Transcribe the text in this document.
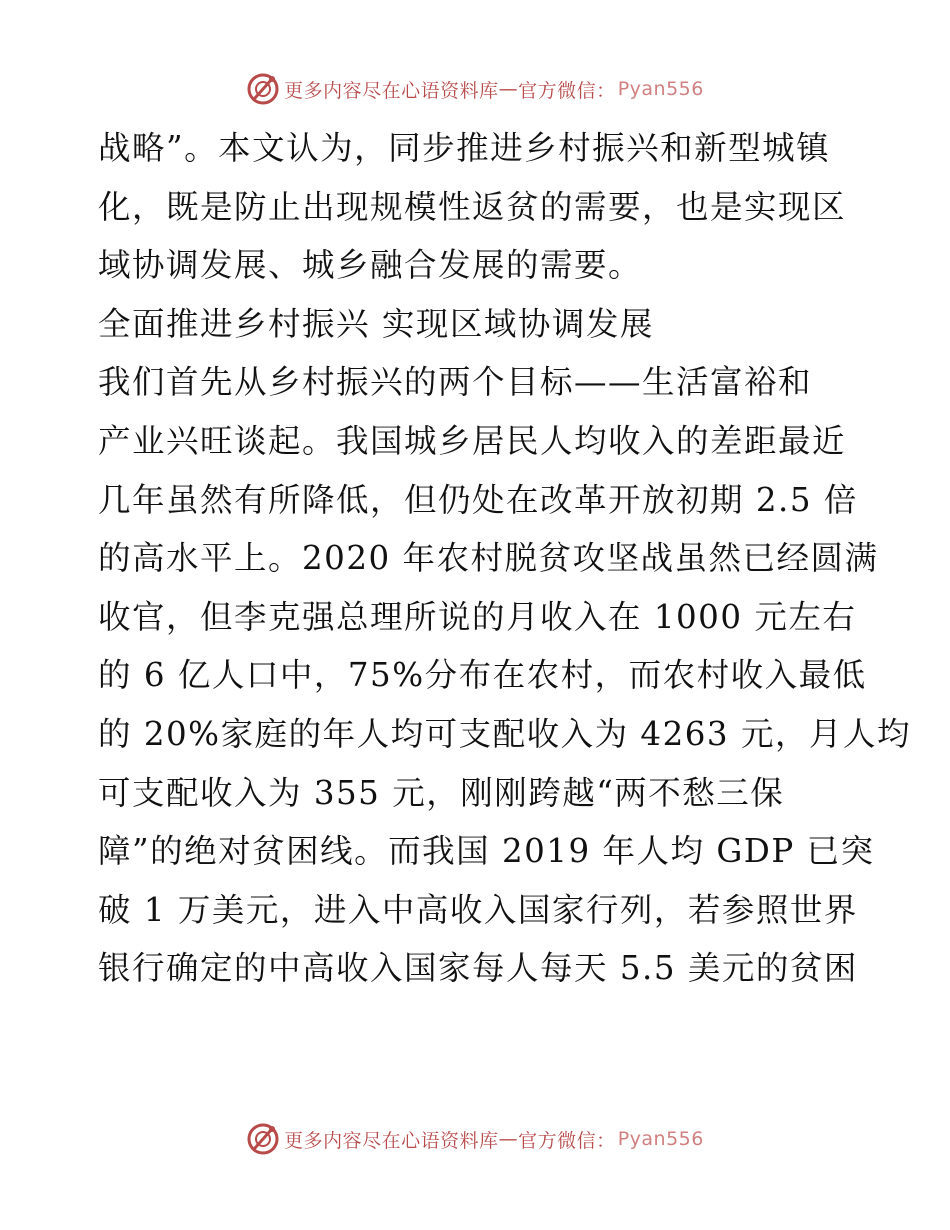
更多内容尽在心语资料库 — 官方微信： Pyan556
战略”。本文认为，同步推进乡村振兴和新型城镇
化，既是防止出现规模性返贫的需要，也是实现区
域协调发展、城乡融合发展的需要。
全面推进乡村振兴 实现区域协调发展
我们首先从乡村振兴的两个目标——生活富裕和
产业兴旺谈起。我国城乡居民人均收入的差距最近
几年虽然有所降低，但仍处在改革开放初期 2.5 倍
的高水平上。2020 年农村脱贫攻坚战虽然已经圆满
收官，但李克强总理所说的月收入在 1000 元左右
的 6 亿人口中，75%分布在农村，而农村收入最低
的 20%家庭的年人均可支配收入为 4263 元，月人均
可支配收入为 355 元，刚刚跨越“两不愁三保
障”的绝对贫困线。而我国 2019 年人均 GDP 已突
破 1 万美元，进入中高收入国家行列，若参照世界
银行确定的中高收入国家每人每天 5.5 美元的贫困
更多内容尽在心语资料库 — 官方微信： Pyan556
